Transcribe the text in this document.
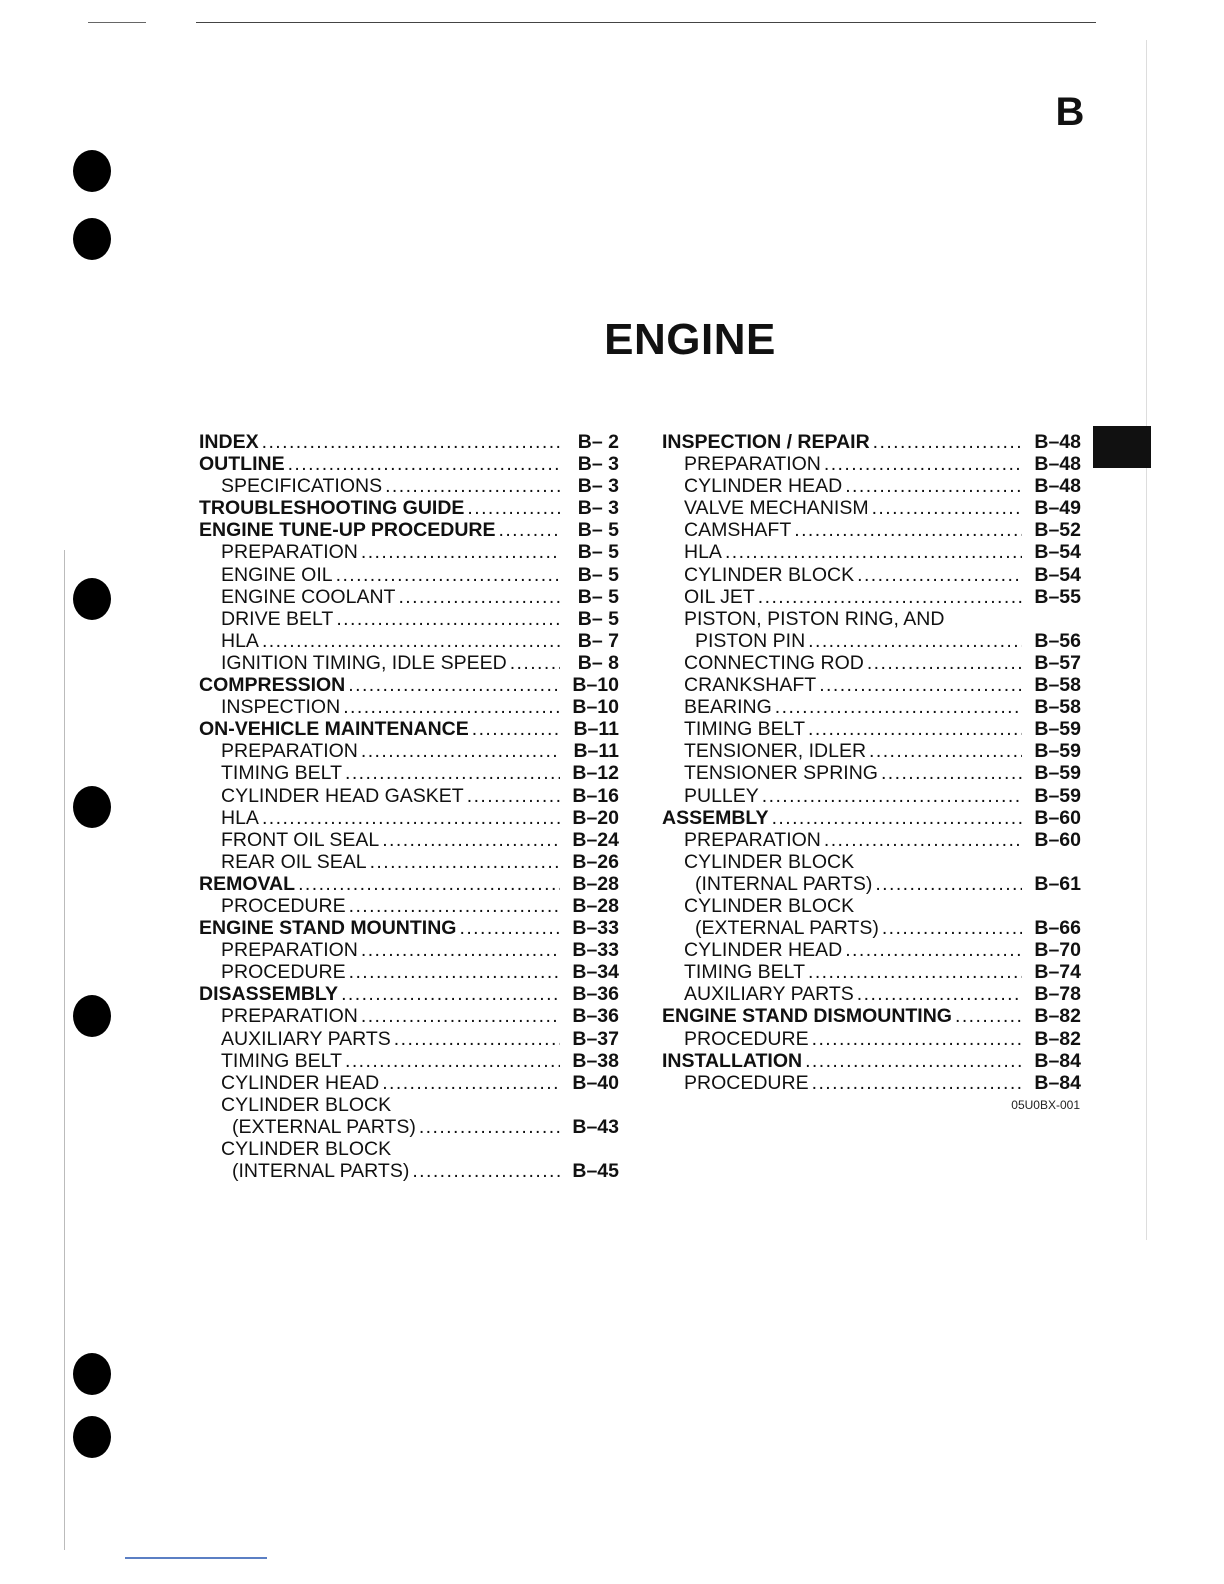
B
ENGINE
INDEX . . .	B– 2
OUTLINE . . .	B– 3
SPECIFICATIONS . . .	B– 3
TROUBLESHOOTING GUIDE . . .	B– 3
ENGINE TUNE-UP PROCEDURE . . .	B– 5
PREPARATION . . .	B– 5
ENGINE OIL . . .	B– 5
ENGINE COOLANT . . .	B– 5
DRIVE BELT . . .	B– 5
HLA . . .	B– 7
IGNITION TIMING, IDLE SPEED . . .	B– 8
COMPRESSION . . .	B–10
INSPECTION . . .	B–10
ON-VEHICLE MAINTENANCE . . .	B–11
PREPARATION . . .	B–11
TIMING BELT . . .	B–12
CYLINDER HEAD GASKET . . .	B–16
HLA . . .	B–20
FRONT OIL SEAL . . .	B–24
REAR OIL SEAL . . .	B–26
REMOVAL . . .	B–28
PROCEDURE . . .	B–28
ENGINE STAND MOUNTING . . .	B–33
PREPARATION . . .	B–33
PROCEDURE . . .	B–34
DISASSEMBLY . . .	B–36
PREPARATION . . .	B–36
AUXILIARY PARTS . . .	B–37
TIMING BELT . . .	B–38
CYLINDER HEAD . . .	B–40
CYLINDER BLOCK
(EXTERNAL PARTS) . . .	B–43
CYLINDER BLOCK
(INTERNAL PARTS) . . .	B–45
INSPECTION / REPAIR . . .	B–48
PREPARATION . . .	B–48
CYLINDER HEAD . . .	B–48
VALVE MECHANISM . . .	B–49
CAMSHAFT . . .	B–52
HLA . . .	B–54
CYLINDER BLOCK . . .	B–54
OIL JET . . .	B–55
PISTON, PISTON RING, AND
PISTON PIN . . .	B–56
CONNECTING ROD . . .	B–57
CRANKSHAFT . . .	B–58
BEARING . . .	B–58
TIMING BELT . . .	B–59
TENSIONER, IDLER . . .	B–59
TENSIONER SPRING . . .	B–59
PULLEY . . .	B–59
ASSEMBLY . . .	B–60
PREPARATION . . .	B–60
CYLINDER BLOCK
(INTERNAL PARTS) . . .	B–61
CYLINDER BLOCK
(EXTERNAL PARTS) . . .	B–66
CYLINDER HEAD . . .	B–70
TIMING BELT . . .	B–74
AUXILIARY PARTS . . .	B–78
ENGINE STAND DISMOUNTING . . .	B–82
PROCEDURE . . .	B–82
INSTALLATION . . .	B–84
PROCEDURE . . .	B–84
05U0BX-001
